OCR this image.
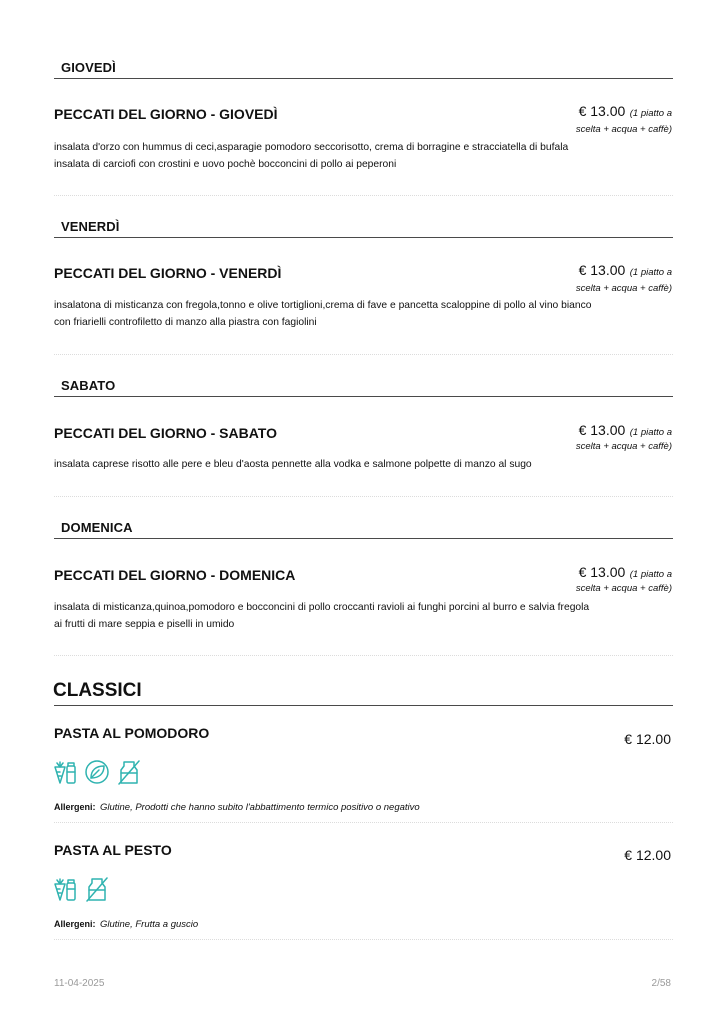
GIOVEDÌ
PECCATI DEL GIORNO - GIOVEDÌ	€ 13.00 (1 piatto a
scelta + acqua + caffè)
insalata d'orzo con hummus di ceci,asparagie pomodoro seccorisotto, crema di borragine e stracciatella di bufala
insalata di carciofi con crostini e uovo pochè bocconcini di pollo ai peperoni
VENERDÌ
PECCATI DEL GIORNO - VENERDÌ	€ 13.00 (1 piatto a
scelta + acqua + caffè)
insalatona di misticanza con fregola,tonno e olive tortiglioni,crema di fave e pancetta scaloppine di pollo al vino bianco
con friarielli controfiletto di manzo alla piastra con fagiolini
SABATO
PECCATI DEL GIORNO - SABATO	€ 13.00 (1 piatto a
scelta + acqua + caffè)
insalata caprese risotto alle pere e bleu d'aosta pennette alla vodka e salmone polpette di manzo al sugo
DOMENICA
PECCATI DEL GIORNO - DOMENICA	€ 13.00 (1 piatto a
scelta + acqua + caffè)
insalata di misticanza,quinoa,pomodoro e bocconcini di pollo croccanti ravioli ai funghi porcini al burro e salvia fregola
ai frutti di mare seppia e piselli in umido
CLASSICI
PASTA AL POMODORO	€ 12.00
Allergeni: Glutine, Prodotti che hanno subito l'abbattimento termico positivo o negativo
PASTA AL PESTO	€ 12.00
Allergeni: Glutine, Frutta a guscio
11-04-2025	2/58
